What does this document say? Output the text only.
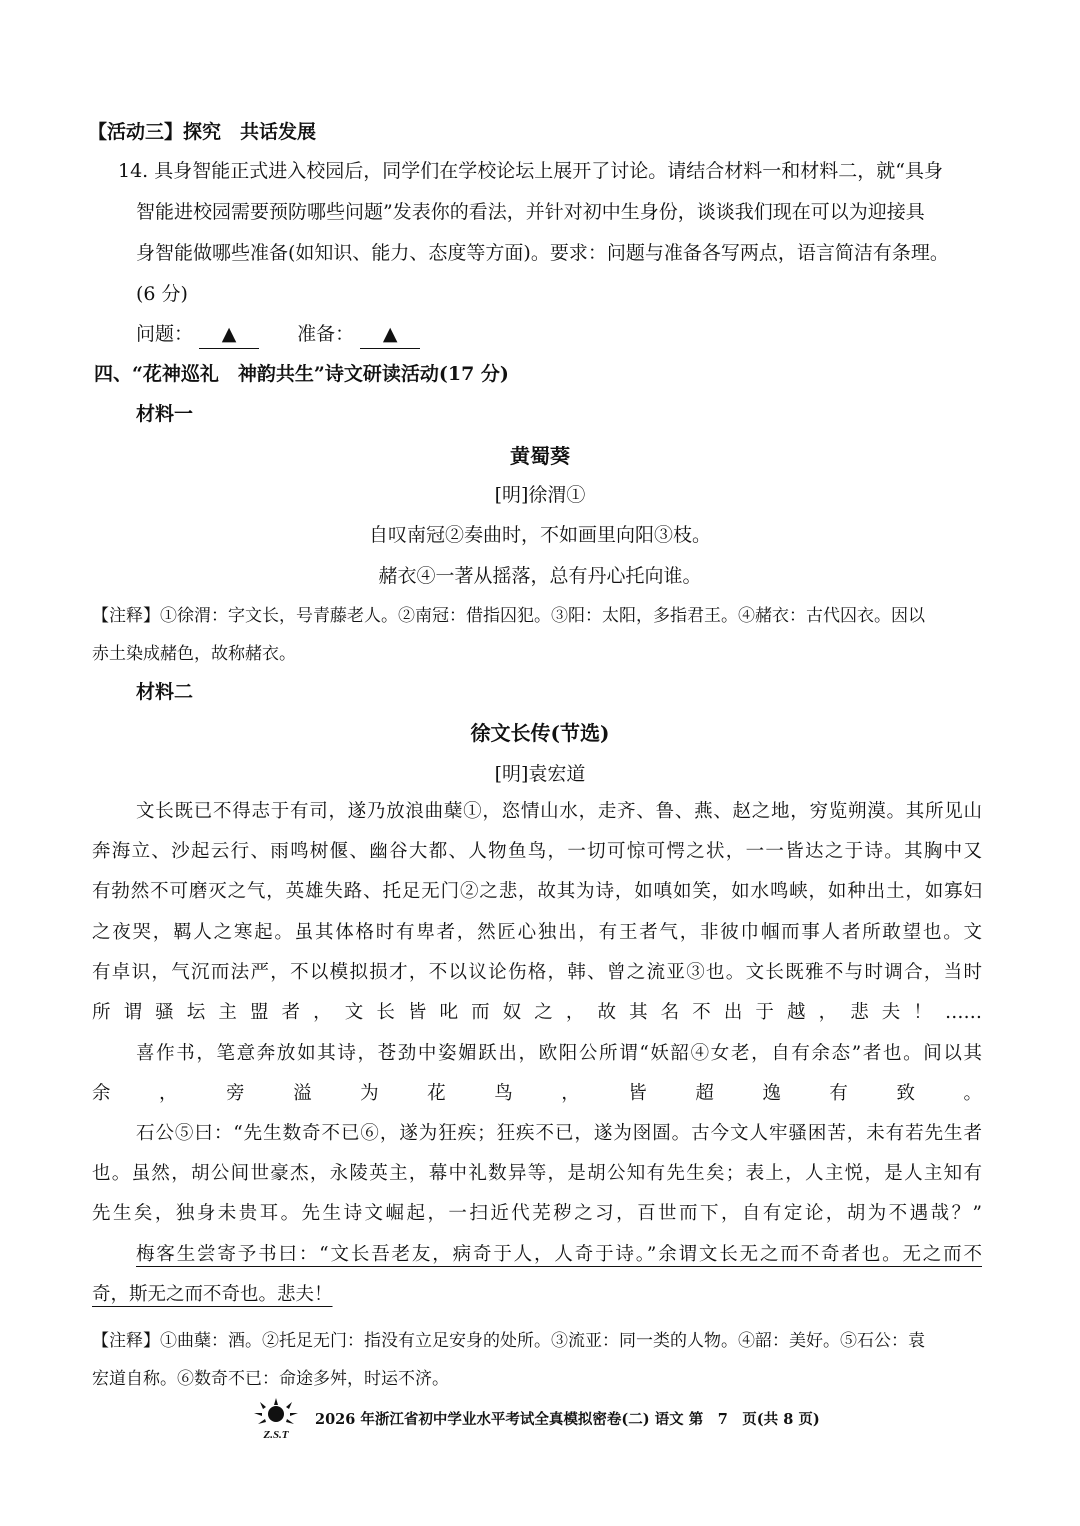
【活动三】探究　共话发展
14. 具身智能正式进入校园后，同学们在学校论坛上展开了讨论。请结合材料一和材料二，就“具身
智能进校园需要预防哪些问题”发表你的看法，并针对初中生身份，谈谈我们现在可以为迎接具
身智能做哪些准备(如知识、能力、态度等方面)。要求：问题与准备各写两点，语言简洁有条理。
(6 分)
问题： ▲	准备： ▲
四、“花神巡礼　神韵共生”诗文研读活动(17 分)
材料一
黄蜀葵
[明]徐渭①
自叹南冠②奏曲时，不如画里向阳③枝。
赭衣④一著从摇落，总有丹心托向谁。
【注释】①徐渭：字文长，号青藤老人。②南冠：借指囚犯。③阳：太阳，多指君王。④赭衣：古代囚衣。因以
赤土染成赭色，故称赭衣。
材料二
徐文长传(节选)
[明]袁宏道
文长既已不得志于有司，遂乃放浪曲蘖①，恣情山水，走齐、鲁、燕、赵之地，穷览朔漠。其所见山
奔海立、沙起云行、雨鸣树偃、幽谷大都、人物鱼鸟，一切可惊可愕之状，一一皆达之于诗。其胸中又
有勃然不可磨灭之气，英雄失路、托足无门②之悲，故其为诗，如嗔如笑，如水鸣峡，如种出土，如寡妇
之夜哭，羁人之寒起。虽其体格时有卑者，然匠心独出，有王者气，非彼巾帼而事人者所敢望也。文
有卓识，气沉而法严，不以模拟损才，不以议论伤格，韩、曾之流亚③也。文长既雅不与时调合，当时
所谓骚坛主盟者，文长皆叱而奴之，故其名不出于越，悲夫！……
喜作书，笔意奔放如其诗，苍劲中姿媚跃出，欧阳公所谓“妖韶④女老，自有余态”者也。间以其
余，旁溢为花鸟，皆超逸有致。
石公⑤曰：“先生数奇不已⑥，遂为狂疾；狂疾不已，遂为囹圄。古今文人牢骚困苦，未有若先生者
也。虽然，胡公间世豪杰，永陵英主，幕中礼数异等，是胡公知有先生矣；表上，人主悦，是人主知有
先生矣，独身未贵耳。先生诗文崛起，一扫近代芜秽之习，百世而下，自有定论，胡为不遇哉？”
梅客生尝寄予书曰：“文长吾老友，病奇于人，人奇于诗。”余谓文长无之而不奇者也。无之而不
奇，斯无之而不奇也。悲夫！
【注释】①曲蘖：酒。②托足无门：指没有立足安身的处所。③流亚：同一类的人物。④韶：美好。⑤石公：袁
宏道自称。⑥数奇不已：命途多舛，时运不济。
Z.S.T
2026 年浙江省初中学业水平考试全真模拟密卷(二) 语文 第　7　页(共 8 页)
